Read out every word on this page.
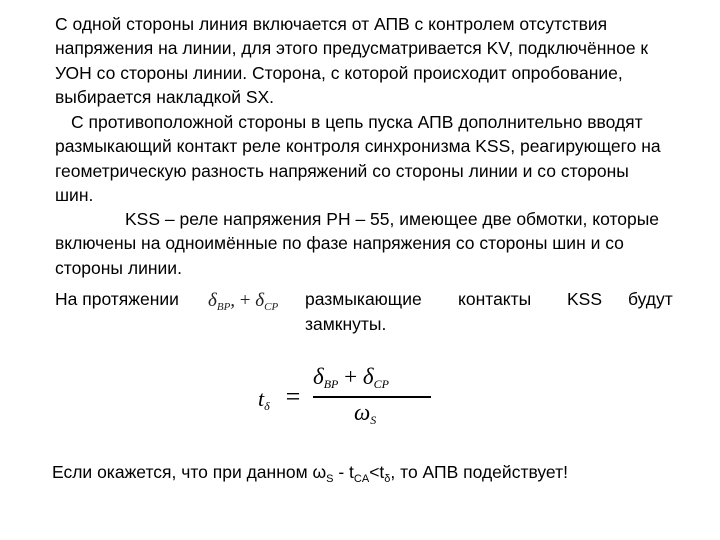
С одной стороны линия включается от АПВ с контролем отсутствия напряжения на линии, для этого предусматривается KV, подключённое к УОН со стороны линии. Сторона, с которой происходит опробование, выбирается накладкой SX.

С противоположной стороны в цепь пуска АПВ дополнительно вводят размыкающий контакт реле контроля синхронизма KSS, реагирующего на геометрическую разность напряжений со стороны линии и со стороны шин.

KSS – реле напряжения РН – 55, имеющее две обмотки, которые включены на одноимённые по фазе напряжения со стороны шин и со стороны линии.

На протяжении $\delta_{BP}$, + $\delta_{CP}$ размыкающие контакты KSS будут
замкнуты.
$t_\delta$ =
$\delta_{BP} + \delta_{CP}$
$\omega_S$
Если окажется, что при данном $\omega_S - t_{CA}<t_\delta$, то АПВ подействует!
